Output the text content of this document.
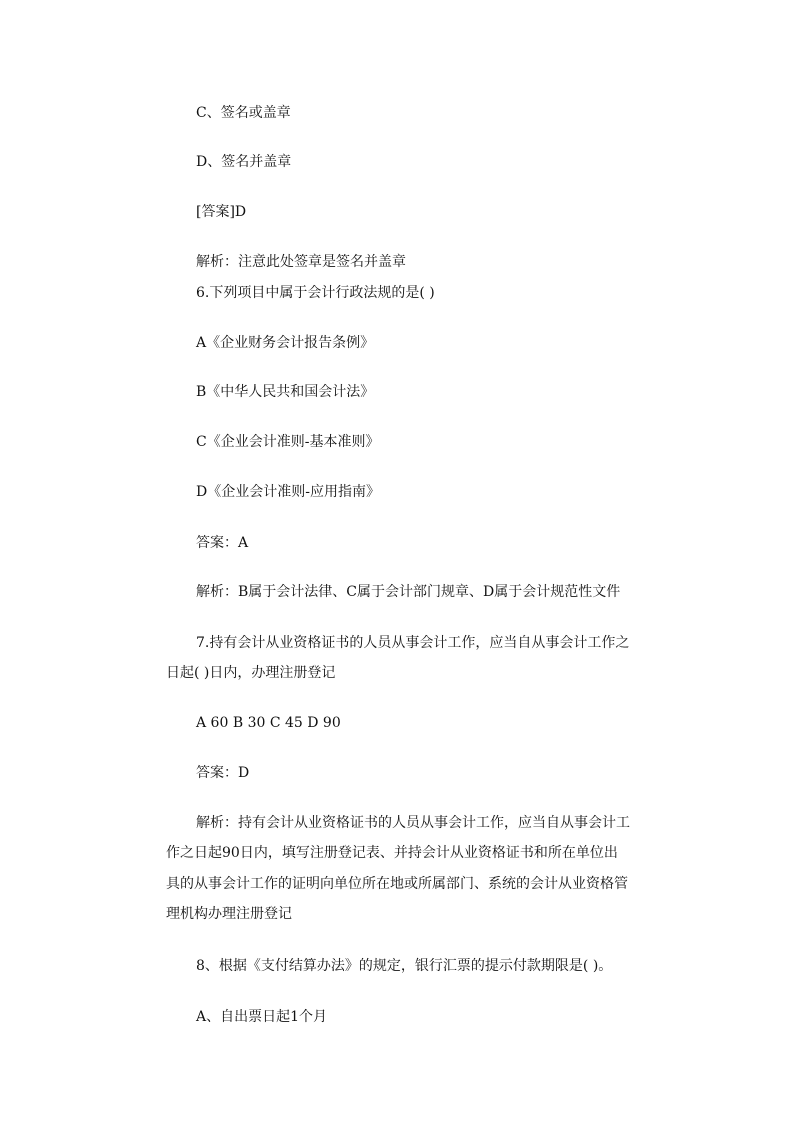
C、签名或盖章
D、签名并盖章
[答案]D
解析：注意此处签章是签名并盖章
6.下列项目中属于会计行政法规的是( )
A《企业财务会计报告条例》
B《中华人民共和国会计法》
C《企业会计准则-基本准则》
D《企业会计准则-应用指南》
答案：A
解析：B属于会计法律、C属于会计部门规章、D属于会计规范性文件
7.持有会计从业资格证书的人员从事会计工作，应当自从事会计工作之
日起( )日内，办理注册登记
A 60 B 30 C 45 D 90
答案：D
解析：持有会计从业资格证书的人员从事会计工作，应当自从事会计工
作之日起90日内，填写注册登记表、并持会计从业资格证书和所在单位出
具的从事会计工作的证明向单位所在地或所属部门、系统的会计从业资格管
理机构办理注册登记
8、根据《支付结算办法》的规定，银行汇票的提示付款期限是( )。
A、自出票日起1个月
